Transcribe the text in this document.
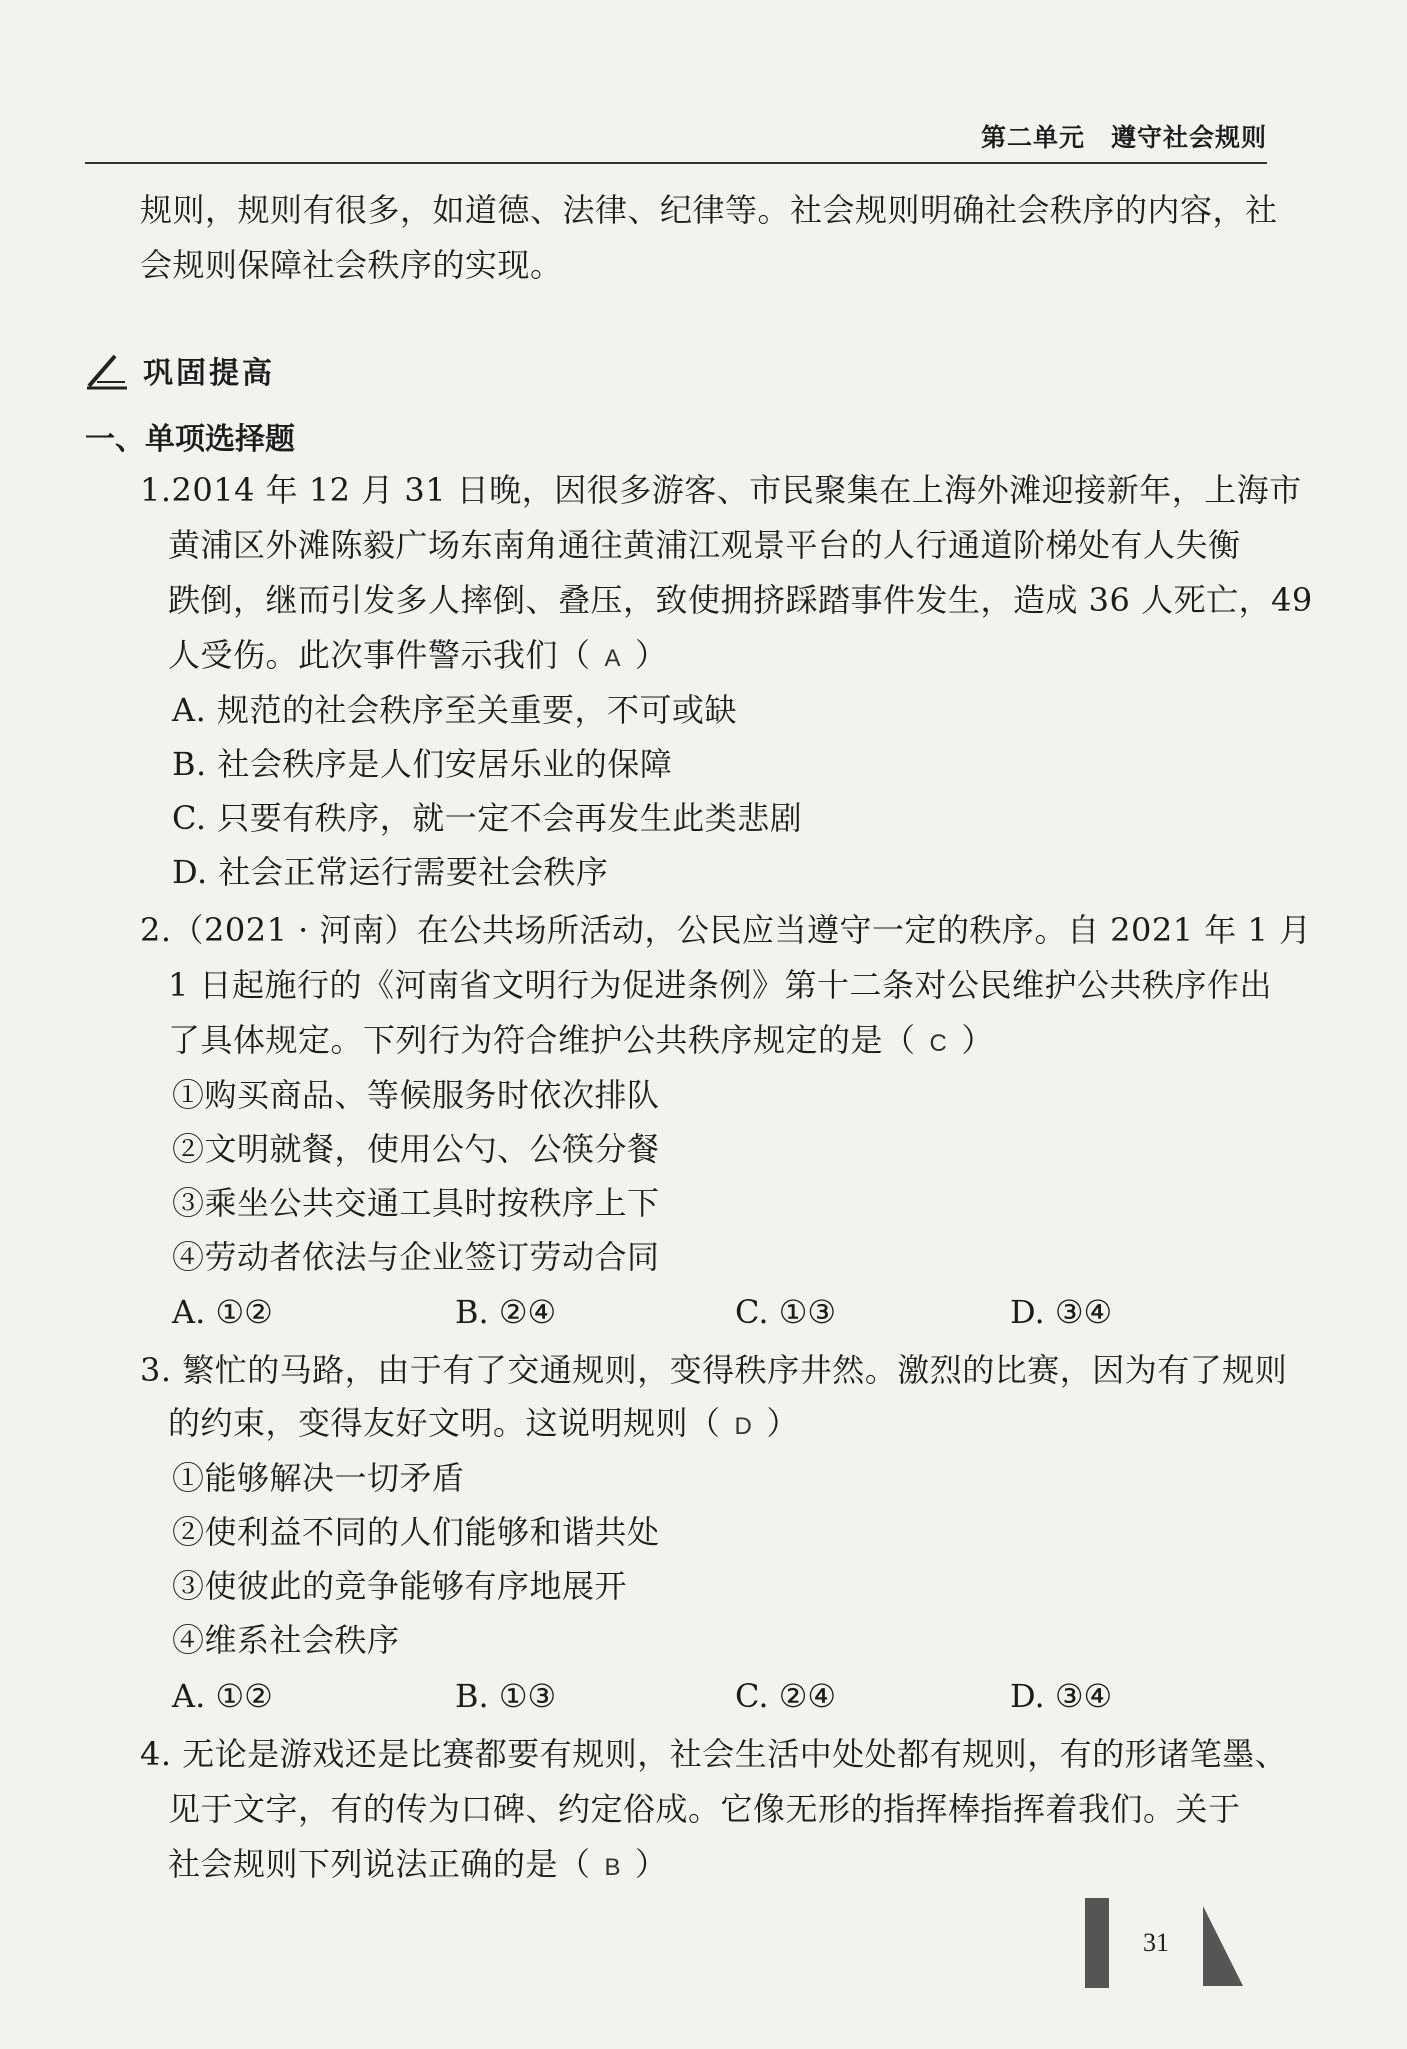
第二单元　遵守社会规则
规则，规则有很多，如道德、法律、纪律等。社会规则明确社会秩序的内容，社
会规则保障社会秩序的实现。
巩固提高
一、单项选择题
1.2014 年 12 月 31 日晚，因很多游客、市民聚集在上海外滩迎接新年，上海市
黄浦区外滩陈毅广场东南角通往黄浦江观景平台的人行通道阶梯处有人失衡
跌倒，继而引发多人摔倒、叠压，致使拥挤踩踏事件发生，造成 36 人死亡，49
人受伤。此次事件警示我们（ A ）
A. 规范的社会秩序至关重要，不可或缺
B. 社会秩序是人们安居乐业的保障
C. 只要有秩序，就一定不会再发生此类悲剧
D. 社会正常运行需要社会秩序
2.（2021 · 河南）在公共场所活动，公民应当遵守一定的秩序。自 2021 年 1 月
1 日起施行的《河南省文明行为促进条例》第十二条对公民维护公共秩序作出
了具体规定。下列行为符合维护公共秩序规定的是（ C ）
①购买商品、等候服务时依次排队
②文明就餐，使用公勺、公筷分餐
③乘坐公共交通工具时按秩序上下
④劳动者依法与企业签订劳动合同
A. ①②	B. ②④	C. ①③	D. ③④
3. 繁忙的马路，由于有了交通规则，变得秩序井然。激烈的比赛，因为有了规则
的约束，变得友好文明。这说明规则（ D ）
①能够解决一切矛盾
②使利益不同的人们能够和谐共处
③使彼此的竞争能够有序地展开
④维系社会秩序
A. ①②	B. ①③	C. ②④	D. ③④
4. 无论是游戏还是比赛都要有规则，社会生活中处处都有规则，有的形诸笔墨、
见于文字，有的传为口碑、约定俗成。它像无形的指挥棒指挥着我们。关于
社会规则下列说法正确的是（ B ）
31
